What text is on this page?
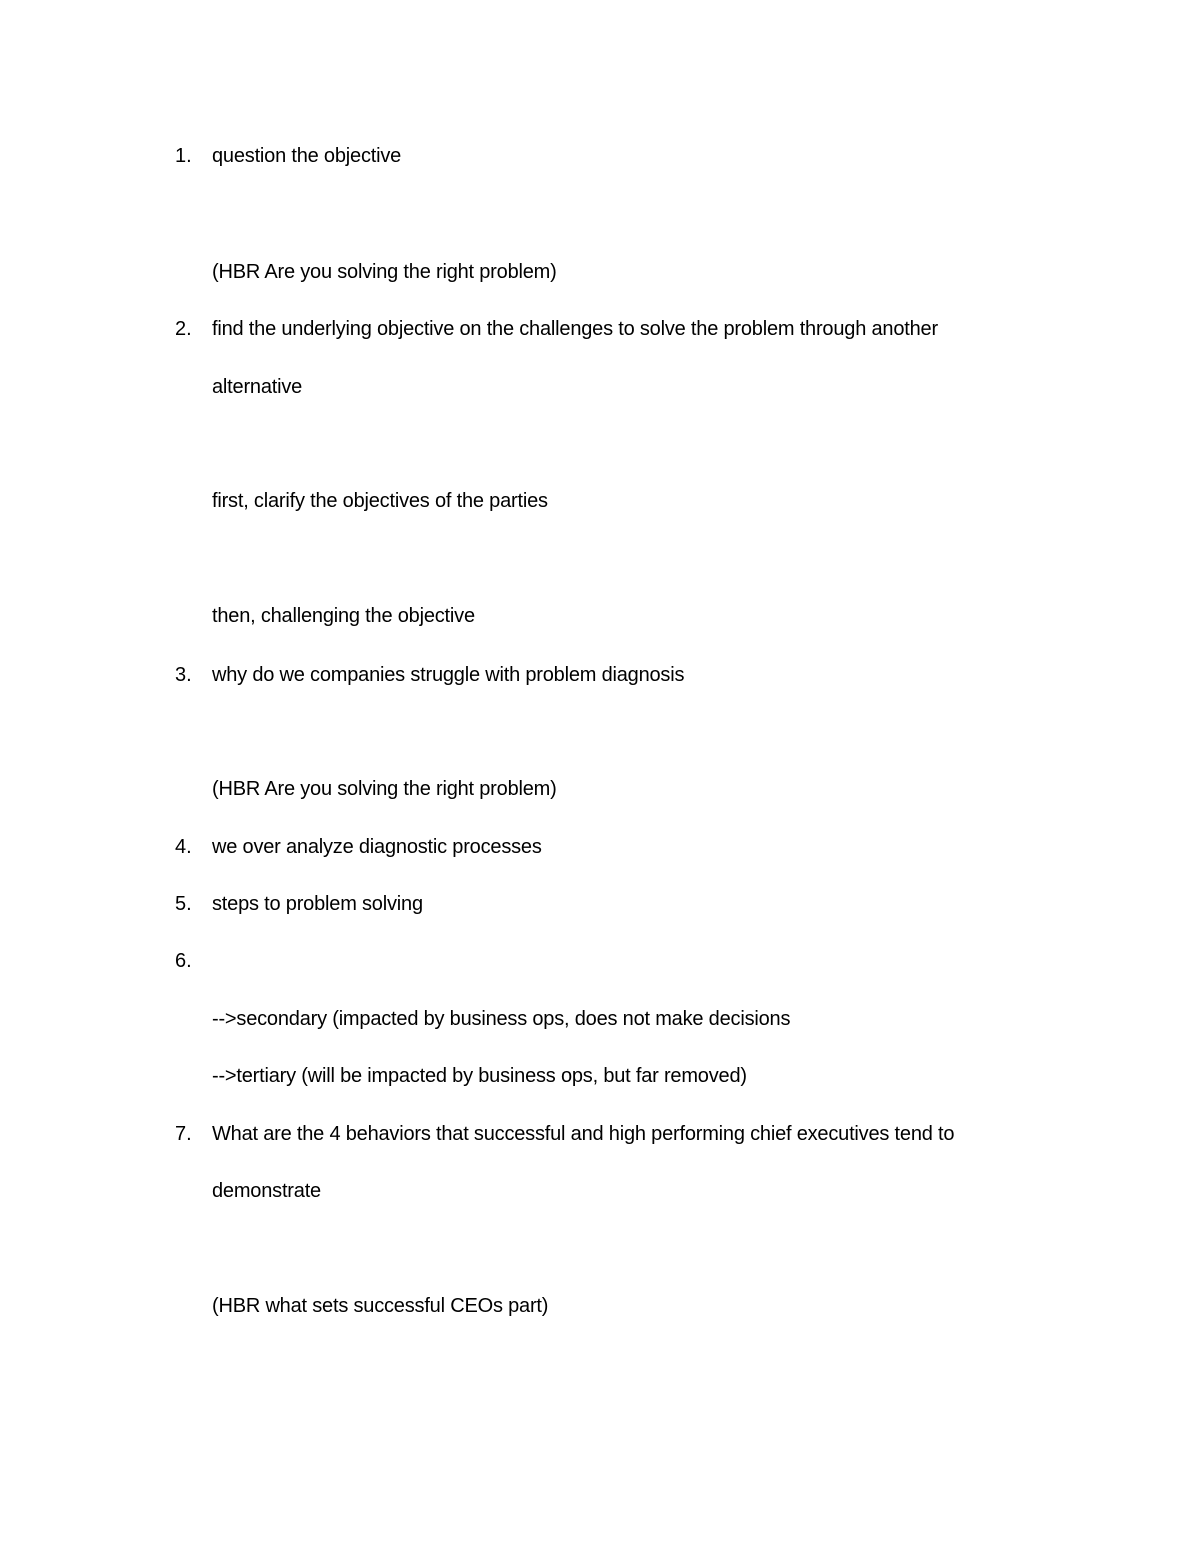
1.	question the objective
(HBR Are you solving the right problem)
2.	find the underlying objective on the challenges to solve the problem through another
alternative
first, clarify the objectives of the parties
then, challenging the objective
3.	why do we companies struggle with problem diagnosis
(HBR Are you solving the right problem)
4.	we over analyze diagnostic processes
5.	steps to problem solving
6.
-->secondary (impacted by business ops, does not make decisions
-->tertiary (will be impacted by business ops, but far removed)
7.	What are the 4 behaviors that successful and high performing chief executives tend to
demonstrate
(HBR what sets successful CEOs part)
